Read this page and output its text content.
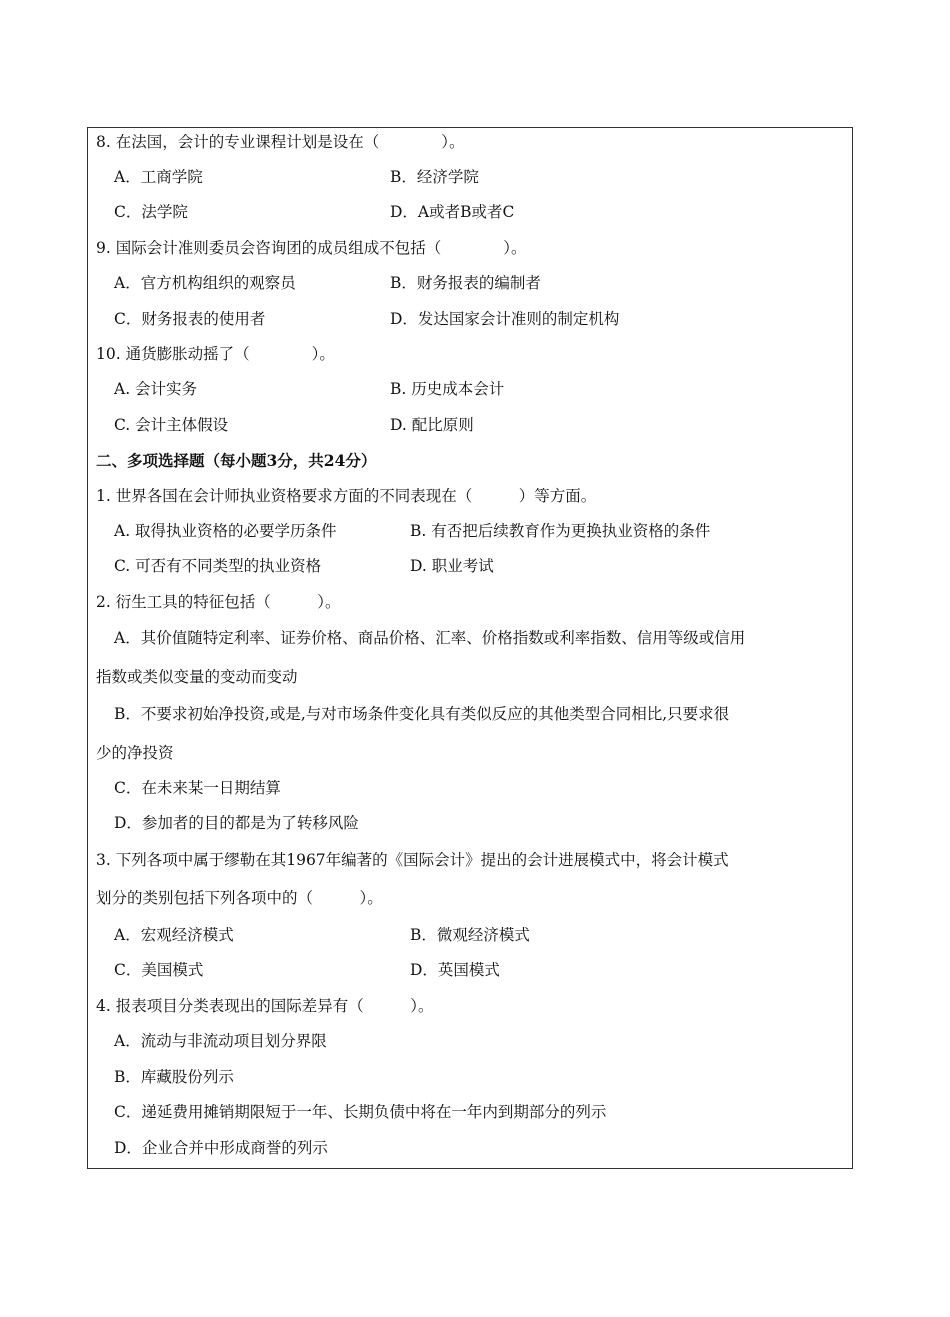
8. 在法国，会计的专业课程计划是设在（　　　　）。
A．工商学院	B．经济学院
C．法学院	D．A或者B或者C
9. 国际会计准则委员会咨询团的成员组成不包括（　　　　）。
A．官方机构组织的观察员	B．财务报表的编制者
C．财务报表的使用者	D．发达国家会计准则的制定机构
10. 通货膨胀动摇了（　　　　）。
A. 会计实务	B. 历史成本会计
C. 会计主体假设	D. 配比原则
二、多项选择题（每小题3分，共24分）
1. 世界各国在会计师执业资格要求方面的不同表现在（　　　）等方面。
A. 取得执业资格的必要学历条件	B. 有否把后续教育作为更换执业资格的条件
C. 可否有不同类型的执业资格	D. 职业考试
2. 衍生工具的特征包括（　　　）。
A．其价值随特定利率、证券价格、商品价格、汇率、价格指数或利率指数、信用等级或信用
指数或类似变量的变动而变动
B．不要求初始净投资,或是,与对市场条件变化具有类似反应的其他类型合同相比,只要求很
少的净投资
C．在未来某一日期结算
D．参加者的目的都是为了转移风险
3. 下列各项中属于缪勒在其1967年编著的《国际会计》提出的会计进展模式中，将会计模式
划分的类别包括下列各项中的（　　　）。
A．宏观经济模式	B．微观经济模式
C．美国模式	D．英国模式
4. 报表项目分类表现出的国际差异有（　　　）。
A．流动与非流动项目划分界限
B．库藏股份列示
C．递延费用摊销期限短于一年、长期负债中将在一年内到期部分的列示
D．企业合并中形成商誉的列示
